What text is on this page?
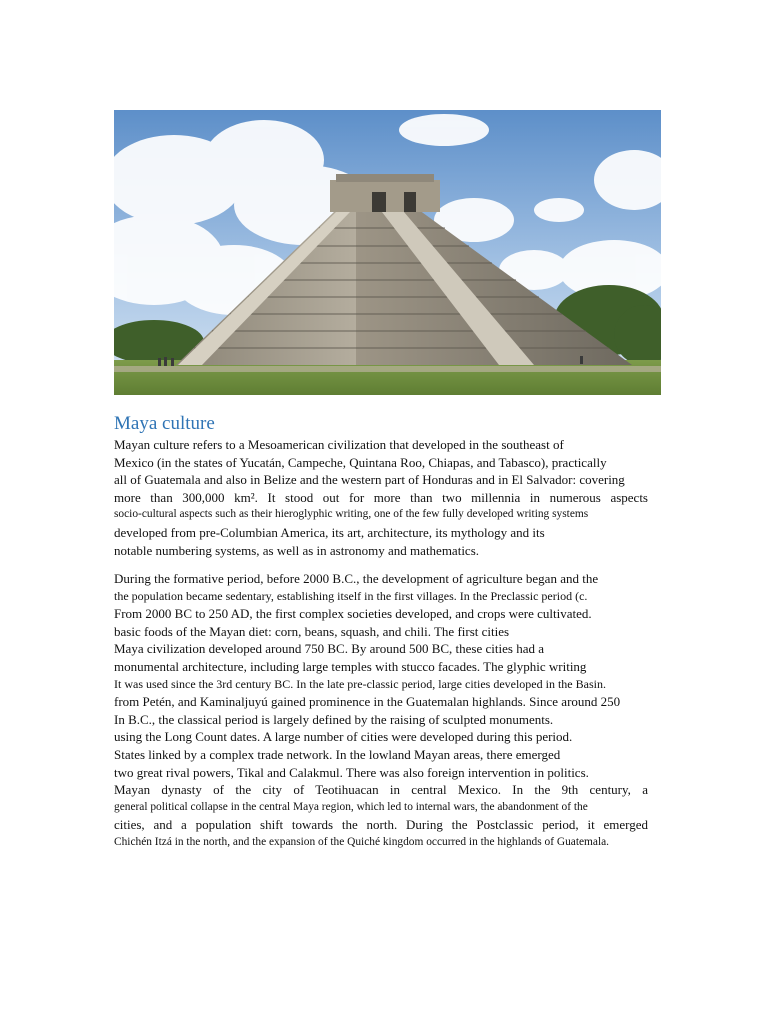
Maya culture
Mayan culture refers to a Mesoamerican civilization that developed in the southeast of
Mexico (in the states of Yucatán, Campeche, Quintana Roo, Chiapas, and Tabasco), practically
all of Guatemala and also in Belize and the western part of Honduras and in El Salvador: covering
more than 300,000 km². It stood out for more than two millennia in numerous aspects
socio-cultural aspects such as their hieroglyphic writing, one of the few fully developed writing systems
developed from pre-Columbian America, its art, architecture, its mythology and its
notable numbering systems, as well as in astronomy and mathematics.
During the formative period, before 2000 B.C., the development of agriculture began and the
the population became sedentary, establishing itself in the first villages. In the Preclassic period (c.
From 2000 BC to 250 AD, the first complex societies developed, and crops were cultivated.
basic foods of the Mayan diet: corn, beans, squash, and chili. The first cities
Maya civilization developed around 750 BC. By around 500 BC, these cities had a
monumental architecture, including large temples with stucco facades. The glyphic writing
It was used since the 3rd century BC. In the late pre-classic period, large cities developed in the Basin.
from Petén, and Kaminaljuyú gained prominence in the Guatemalan highlands. Since around 250
In B.C., the classical period is largely defined by the raising of sculpted monuments.
using the Long Count dates. A large number of cities were developed during this period.
States linked by a complex trade network. In the lowland Mayan areas, there emerged
two great rival powers, Tikal and Calakmul. There was also foreign intervention in politics.
Mayan dynasty of the city of Teotihuacan in central Mexico. In the 9th century, a
general political collapse in the central Maya region, which led to internal wars, the abandonment of the
cities, and a population shift towards the north. During the Postclassic period, it emerged
Chichén Itzá in the north, and the expansion of the Quiché kingdom occurred in the highlands of Guatemala.
